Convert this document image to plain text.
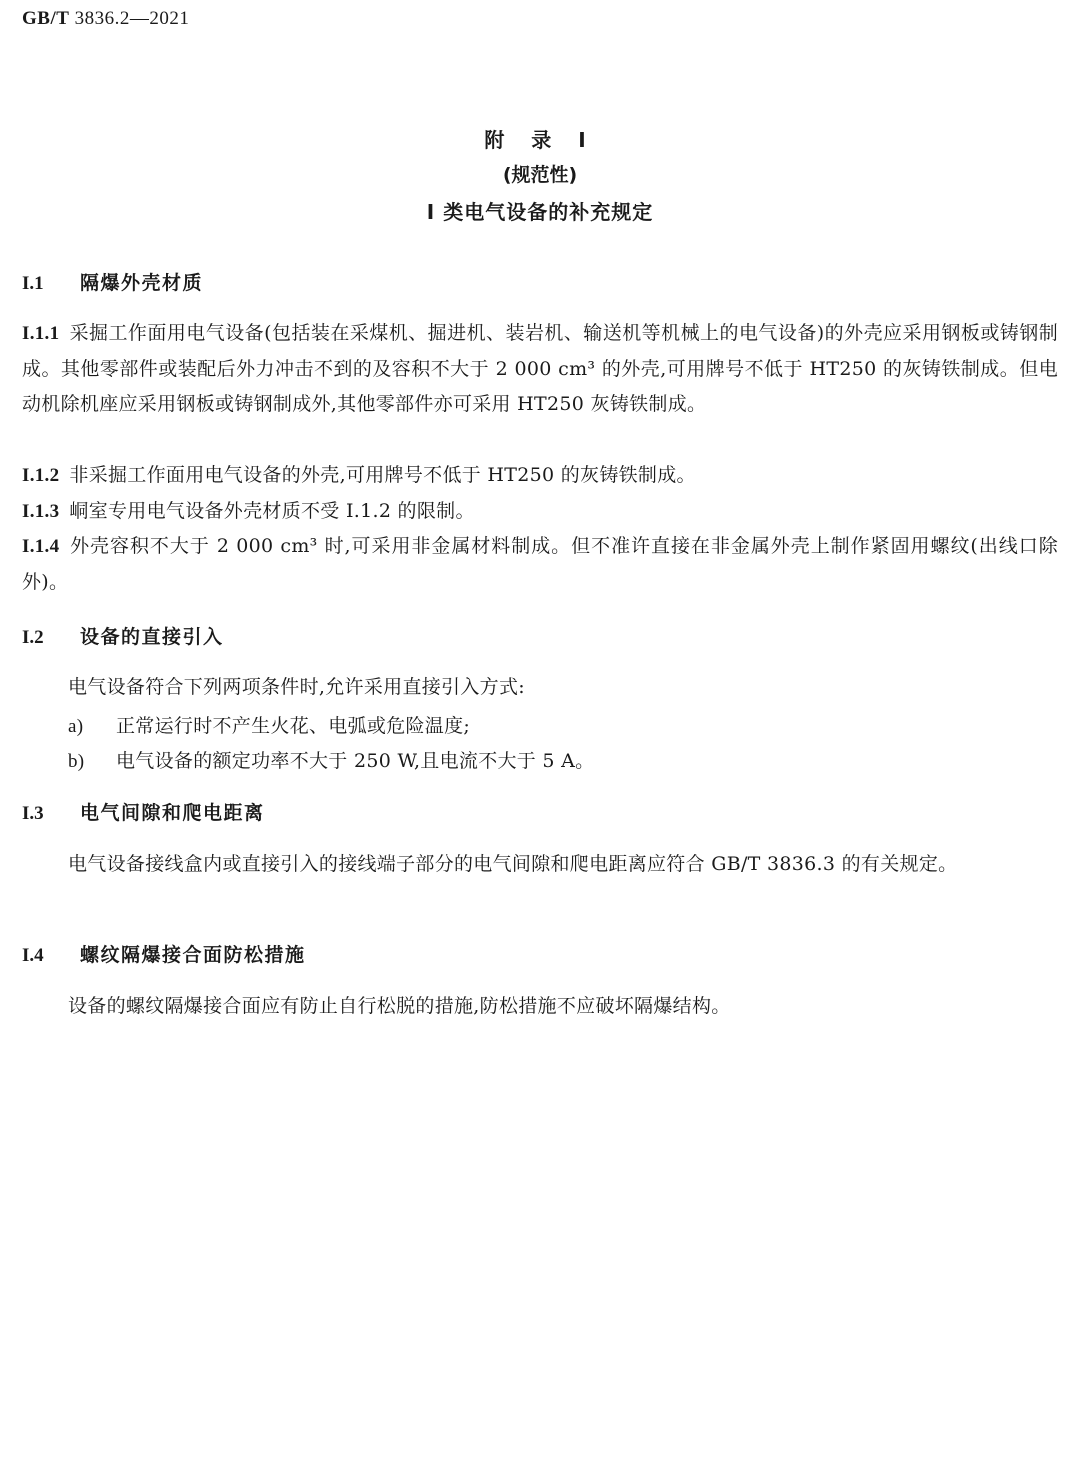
GB/T 3836.2—2021
附 录 I
(规范性)
I 类电气设备的补充规定
I.1 隔爆外壳材质
I.1.1 采掘工作面用电气设备(包括装在采煤机、掘进机、装岩机、输送机等机械上的电气设备)的外壳应采用钢板或铸钢制成。其他零部件或装配后外力冲击不到的及容积不大于 2 000 cm³ 的外壳,可用牌号不低于 HT250 的灰铸铁制成。但电动机除机座应采用钢板或铸钢制成外,其他零部件亦可采用 HT250 灰铸铁制成。
I.1.2 非采掘工作面用电气设备的外壳,可用牌号不低于 HT250 的灰铸铁制成。
I.1.3 峒室专用电气设备外壳材质不受 I.1.2 的限制。
I.1.4 外壳容积不大于 2 000 cm³ 时,可采用非金属材料制成。但不准许直接在非金属外壳上制作紧固用螺纹(出线口除外)。
I.2 设备的直接引入
电气设备符合下列两项条件时,允许采用直接引入方式:
a) 正常运行时不产生火花、电弧或危险温度;
b) 电气设备的额定功率不大于 250 W,且电流不大于 5 A。
I.3 电气间隙和爬电距离
电气设备接线盒内或直接引入的接线端子部分的电气间隙和爬电距离应符合 GB/T 3836.3 的有关规定。
I.4 螺纹隔爆接合面防松措施
设备的螺纹隔爆接合面应有防止自行松脱的措施,防松措施不应破坏隔爆结构。
